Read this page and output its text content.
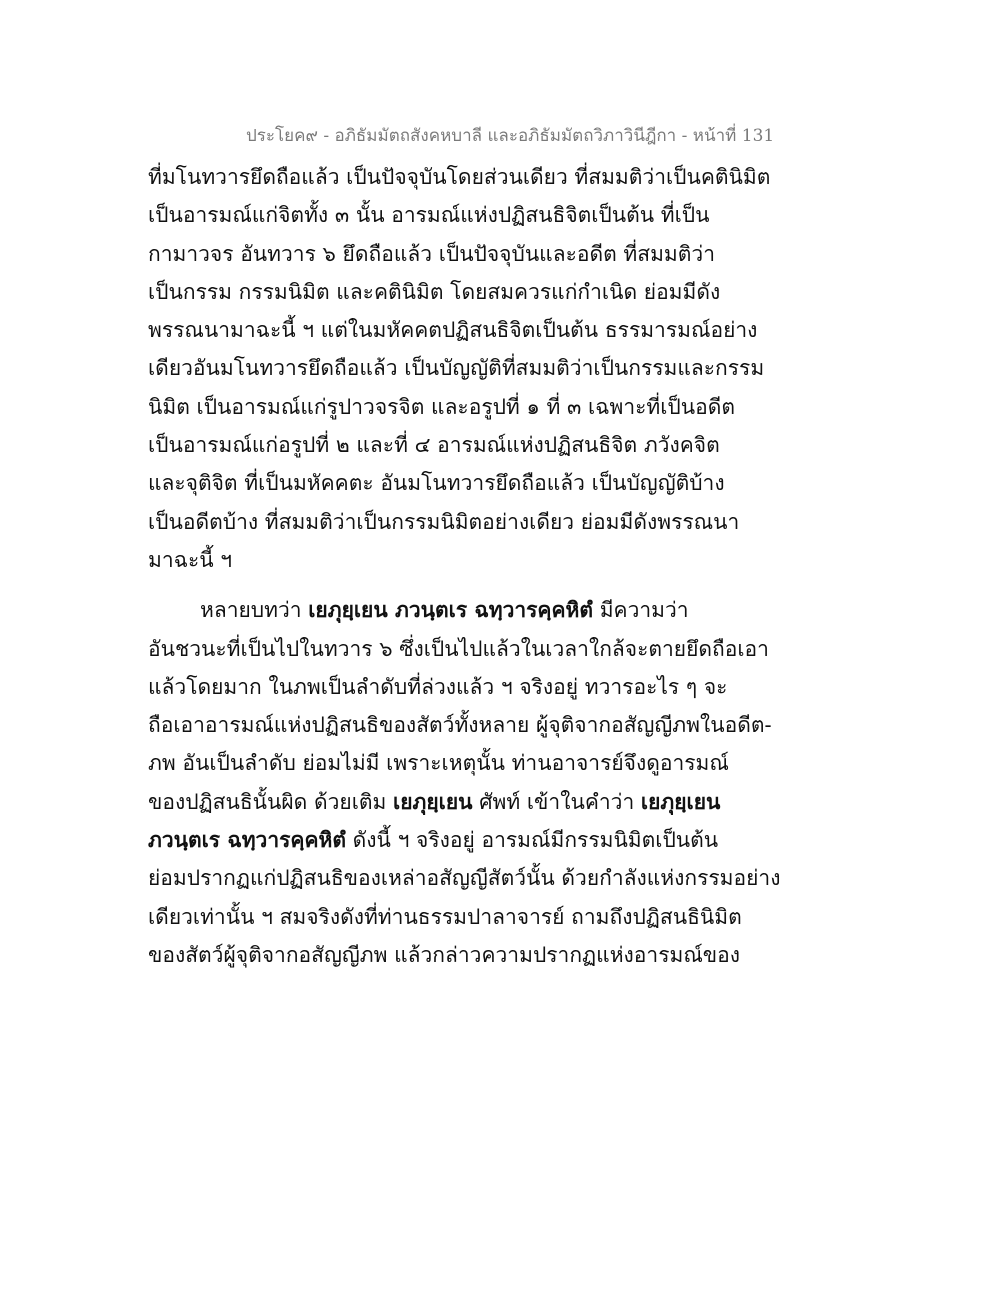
ประโยค๙ - อภิธัมมัตถสังคหบาลี และอภิธัมมัตถวิภาวินีฎีกา - หน้าที่ 131
ที่มโนทวารยึดถือแล้ว เป็นปัจจุบันโดยส่วนเดียว ที่สมมติว่าเป็นคตินิมิต
เป็นอารมณ์แก่จิตทั้ง ๓ นั้น อารมณ์แห่งปฏิสนธิจิตเป็นต้น ที่เป็น
กามาวจร อันทวาร ๖ ยึดถือแล้ว เป็นปัจจุบันและอดีต ที่สมมติว่า
เป็นกรรม กรรมนิมิต และคตินิมิต โดยสมควรแก่กำเนิด ย่อมมีดัง
พรรณนามาฉะนี้ ฯ แต่ในมหัคคตปฏิสนธิจิตเป็นต้น ธรรมารมณ์อย่าง
เดียวอันมโนทวารยึดถือแล้ว เป็นบัญญัติที่สมมติว่าเป็นกรรมและกรรม
นิมิต เป็นอารมณ์แก่รูปาวจรจิต และอรูปที่ ๑ ที่ ๓ เฉพาะที่เป็นอดีต
เป็นอารมณ์แก่อรูปที่ ๒ และที่ ๔ อารมณ์แห่งปฏิสนธิจิต ภวังคจิต
และจุติจิต ที่เป็นมหัคคตะ อันมโนทวารยึดถือแล้ว เป็นบัญญัติบ้าง
เป็นอดีตบ้าง ที่สมมติว่าเป็นกรรมนิมิตอย่างเดียว ย่อมมีดังพรรณนา
มาฉะนี้ ฯ
หลายบทว่า เยภุยฺเยน ภวนฺตเร ฉทฺวารคฺคหิตํ มีความว่า
อันชวนะที่เป็นไปในทวาร ๖ ซึ่งเป็นไปแล้วในเวลาใกล้จะตายยึดถือเอา
แล้วโดยมาก ในภพเป็นลำดับที่ล่วงแล้ว ฯ จริงอยู่ ทวารอะไร ๆ จะ
ถือเอาอารมณ์แห่งปฏิสนธิของสัตว์ทั้งหลาย ผู้จุติจากอสัญญีภพในอดีต-
ภพ อันเป็นลำดับ ย่อมไม่มี เพราะเหตุนั้น ท่านอาจารย์จึงดูอารมณ์
ของปฏิสนธินั้นผิด ด้วยเติม เยภุยฺเยน ศัพท์ เข้าในคำว่า เยภุยฺเยน
ภวนฺตเร ฉทฺวารคฺคหิตํ ดังนี้ ฯ จริงอยู่ อารมณ์มีกรรมนิมิตเป็นต้น
ย่อมปรากฏแก่ปฏิสนธิของเหล่าอสัญญีสัตว์นั้น ด้วยกำลังแห่งกรรมอย่าง
เดียวเท่านั้น ฯ สมจริงดังที่ท่านธรรมปาลาจารย์ ถามถึงปฏิสนธินิมิต
ของสัตว์ผู้จุติจากอสัญญีภพ แล้วกล่าวความปรากฏแห่งอารมณ์ของ
